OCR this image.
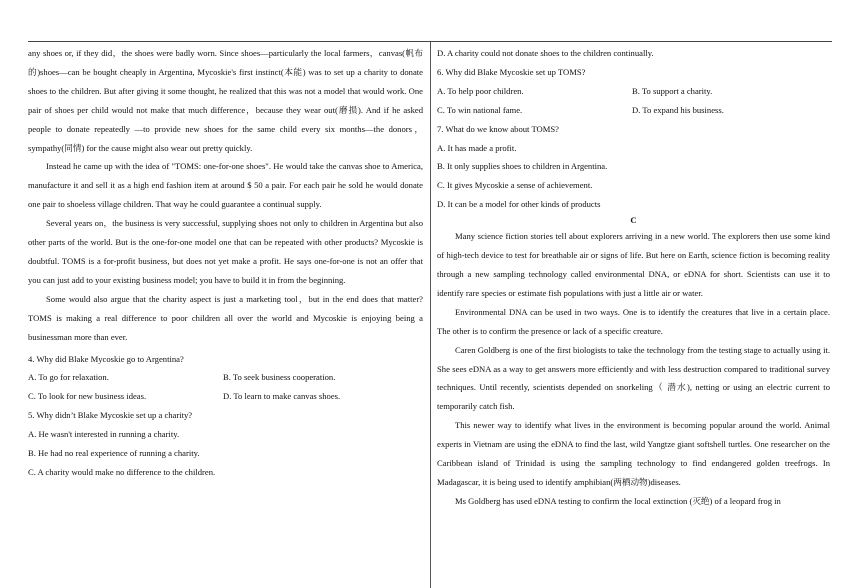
any shoes or, if they did，the shoes were badly worn. Since shoes—particularly the local farmers，canvas(帆布的)shoes—can be bought cheaply in Argentina, Mycoskie's first instinct(本能) was to set up a charity to donate shoes to the children. But after giving it some thought, he realized that this was not a model that would work. One pair of shoes per child would not make that much difference，because they wear out(磨损). And if he asked people to donate repeatedly —to provide new shoes for the same child every six months—the donors，sympathy(同情) for the cause might also wear out pretty quickly.

Instead he came up with the idea of "TOMS: one-for-one shoes". He would take the canvas shoe to America, manufacture it and sell it as a high end fashion item at around $ 50 a pair. For each pair he sold he would donate one pair to shoeless village children. That way he could guarantee a continual supply.

Several years on，the business is very successful, supplying shoes not only to children in Argentina but also other parts of the world. But is the one-for-one model one that can be repeated with other products? Mycoskie is doubtful. TOMS is a for-profit business, but does not yet make a profit. He says one-for-one is not an offer that you can just add to your existing business model; you have to build it in from the beginning.

Some would also argue that the charity aspect is just a marketing tool，but in the end does that matter? TOMS is making a real difference to poor children all over the world and Mycoskie is enjoying being a businessman more than ever.

4. Why did Blake Mycoskie go to Argentina?

A. To go for relaxation.	B. To seek business cooperation.
C. To look for new business ideas.	D. To learn to make canvas shoes.

5. Why didn’t Blake Mycoskie set up a charity?

A. He wasn't interested in running a charity.

B. He had no real experience of running a charity.

C. A charity would make no difference to the children.

D. A charity could not donate shoes to the children continually.

6. Why did Blake Mycoskie set up TOMS?

A. To help poor children.	B. To support a charity.
C. To win national fame.	D. To expand his business.

7. What do we know about TOMS?

A. It has made a profit.

B. It only supplies shoes to children in Argentina.

C. It gives Mycoskie a sense of achievement.

D. It can be a model for other kinds of products

C

Many science fiction stories tell about explorers arriving in a new world. The explorers then use some kind of high-tech device to test for breathable air or signs of life. But here on Earth, science fiction is becoming reality through a new sampling technology called environmental DNA, or eDNA for short. Scientists can use it to identify rare species or estimate fish populations with just a little air or water.

Environmental DNA can be used in two ways. One is to identify the creatures that live in a certain place. The other is to confirm the presence or lack of a specific creature.

Caren Goldberg is one of the first biologists to take the technology from the testing stage to actually using it. She sees eDNA as a way to get answers more efficiently and with less destruction compared to traditional survey techniques. Until recently, scientists depended on snorkeling（ 潜水), netting or using an electric current to temporarily catch fish.

This newer way to identify what lives in the environment is becoming popular around the world. Animal experts in Vietnam are using the eDNA to find the last, wild Yangtze giant softshell turtles. One researcher on the Caribbean island of Trinidad is using the sampling technology to find endangered golden treefrogs. In Madagascar, it is being used to identify amphibian(两栖动物)diseases.

Ms Goldberg has used eDNA testing to confirm the local extinction (灭绝) of a leopard frog in
